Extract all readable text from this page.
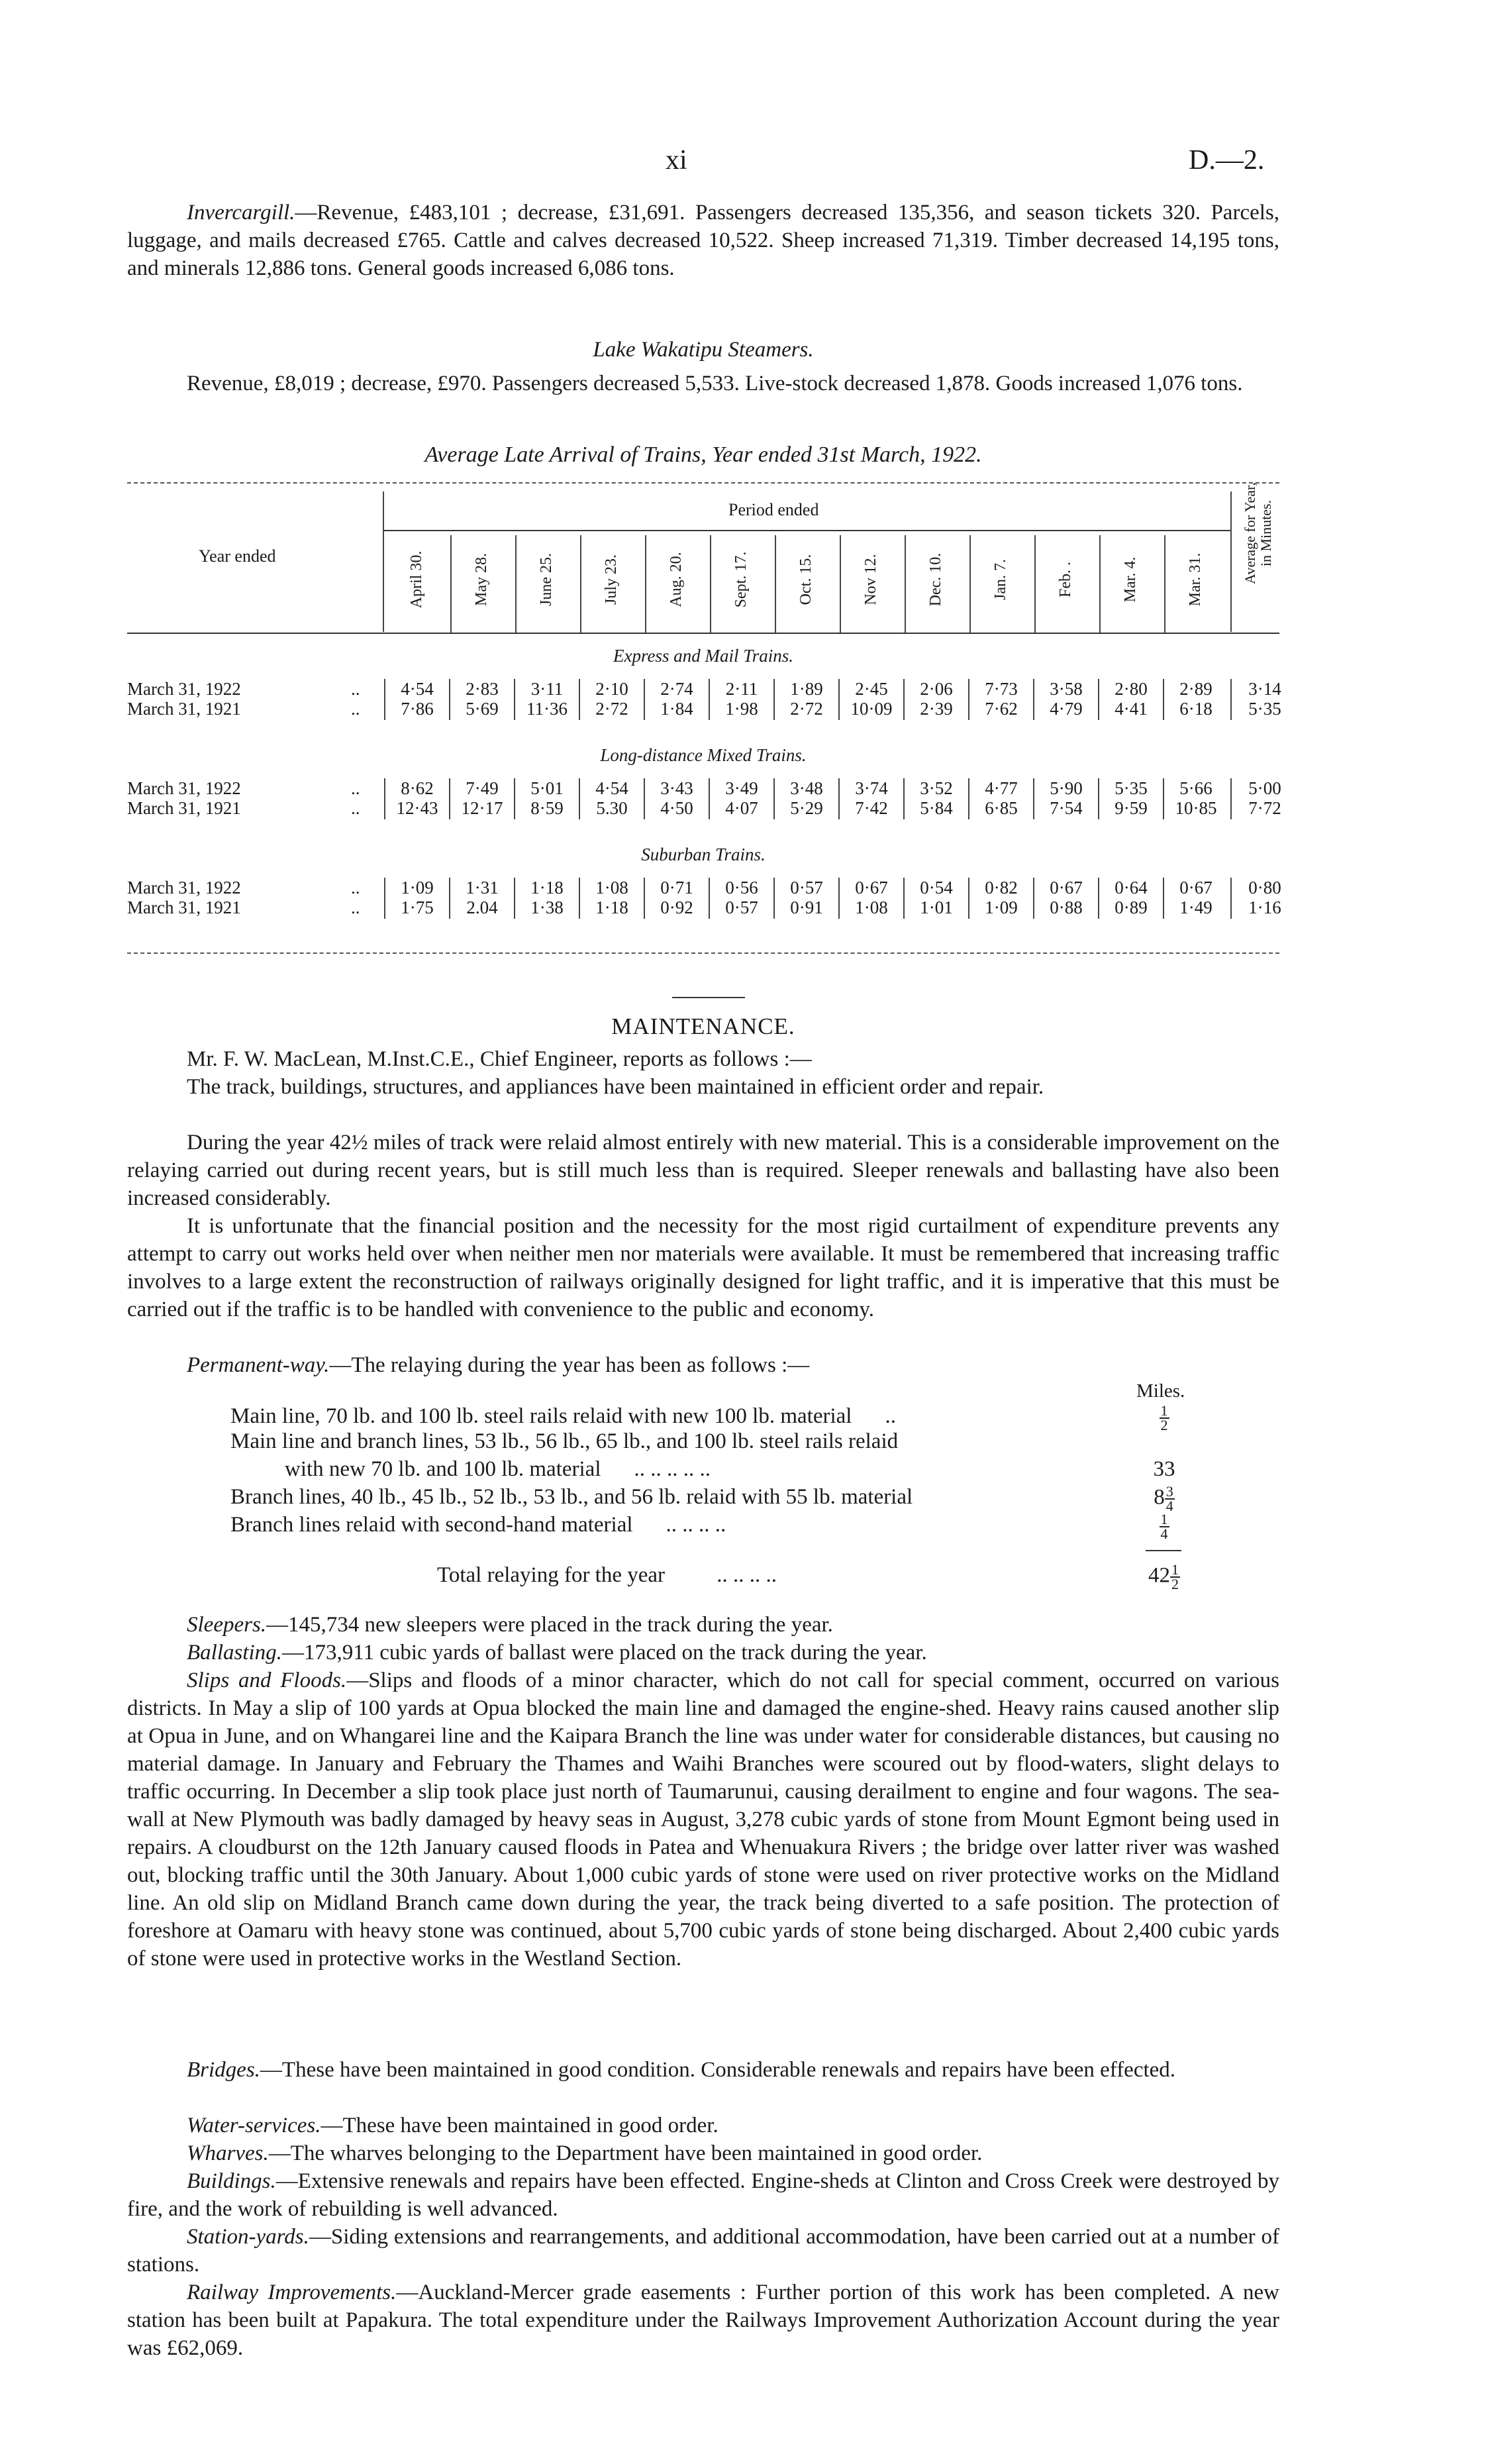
xi	D.—2.
Invercargill.—Revenue, £483,101 ; decrease, £31,691. Passengers decreased 135,356, and season tickets 320. Parcels, luggage, and mails decreased £765. Cattle and calves decreased 10,522. Sheep increased 71,319. Timber decreased 14,195 tons, and minerals 12,886 tons. General goods increased 6,086 tons.
Lake Wakatipu Steamers.
Revenue, £8,019 ; decrease, £970. Passengers decreased 5,533. Live-stock decreased 1,878. Goods increased 1,076 tons.
Average Late Arrival of Trains, Year ended 31st March, 1922.
Year ended
Period ended
April 30.	May 28.	June 25.	July 23.	Aug. 20.	Sept. 17.	Oct. 15.	Nov 12.	Dec. 10.	Jan. 7.	Feb. .	Mar. 4.	Mar. 31.	Average for Year, in Minutes.
Express and Mail Trains.
March 31, 1922	..	4·54	2·83	3·11	2·10	2·74	2·11	1·89	2·45	2·06	7·73	3·58	2·80	2·89	3·14
March 31, 1921	..	7·86	5·69	11·36	2·72	1·84	1·98	2·72	10·09	2·39	7·62	4·79	4·41	6·18	5·35
Long-distance Mixed Trains.
March 31, 1922	..	8·62	7·49	5·01	4·54	3·43	3·49	3·48	3·74	3·52	4·77	5·90	5·35	5·66	5·00
March 31, 1921	..	12·43	12·17	8·59	5.30	4·50	4·07	5·29	7·42	5·84	6·85	7·54	9·59	10·85	7·72
Suburban Trains.
March 31, 1922	..	1·09	1·31	1·18	1·08	0·71	0·56	0·57	0·67	0·54	0·82	0·67	0·64	0·67	0·80
March 31, 1921	..	1·75	2.04	1·38	1·18	0·92	0·57	0·91	1·08	1·01	1·09	0·88	0·89	1·49	1·16
MAINTENANCE.
Mr. F. W. MacLean, M.Inst.C.E., Chief Engineer, reports as follows :—
The track, buildings, structures, and appliances have been maintained in efficient order and repair.
During the year 42½ miles of track were relaid almost entirely with new material. This is a considerable improvement on the relaying carried out during recent years, but is still much less than is required. Sleeper renewals and ballasting have also been increased considerably.
It is unfortunate that the financial position and the necessity for the most rigid curtailment of expenditure prevents any attempt to carry out works held over when neither men nor materials were available. It must be remembered that increasing traffic involves to a large extent the reconstruction of railways originally designed for light traffic, and it is imperative that this must be carried out if the traffic is to be handled with convenience to the public and economy.
Permanent-way.—The relaying during the year has been as follows :—
Miles.
Main line, 70 lb. and 100 lb. steel rails relaid with new 100 lb. material ..	$\frac{1}{2}$
Main line and branch lines, 53 lb., 56 lb., 65 lb., and 100 lb. steel rails relaid
with new 70 lb. and 100 lb. material .. .. .. .. ..	33
Branch lines, 40 lb., 45 lb., 52 lb., 53 lb., and 56 lb. relaid with 55 lb. material	$8 \frac{3}{4}$
Branch lines relaid with second-hand material .. .. .. ..	$\frac{1}{4}$
Total relaying for the year .. .. .. ..	$42 \frac{1}{2}$
Sleepers.—145,734 new sleepers were placed in the track during the year.
Ballasting.—173,911 cubic yards of ballast were placed on the track during the year.
Slips and Floods.—Slips and floods of a minor character, which do not call for special comment, occurred on various districts. In May a slip of 100 yards at Opua blocked the main line and damaged the engine-shed. Heavy rains caused another slip at Opua in June, and on Whangarei line and the Kaipara Branch the line was under water for considerable distances, but causing no material damage. In January and February the Thames and Waihi Branches were scoured out by flood-waters, slight delays to traffic occurring. In December a slip took place just north of Taumarunui, causing derailment to engine and four wagons. The sea-wall at New Plymouth was badly damaged by heavy seas in August, 3,278 cubic yards of stone from Mount Egmont being used in repairs. A cloudburst on the 12th January caused floods in Patea and Whenuakura Rivers ; the bridge over latter river was washed out, blocking traffic until the 30th January. About 1,000 cubic yards of stone were used on river protective works on the Midland line. An old slip on Midland Branch came down during the year, the track being diverted to a safe position. The protection of foreshore at Oamaru with heavy stone was continued, about 5,700 cubic yards of stone being discharged. About 2,400 cubic yards of stone were used in protective works in the Westland Section.
Bridges.—These have been maintained in good condition. Considerable renewals and repairs have been effected.
Water-services.—These have been maintained in good order.
Wharves.—The wharves belonging to the Department have been maintained in good order.
Buildings.—Extensive renewals and repairs have been effected. Engine-sheds at Clinton and Cross Creek were destroyed by fire, and the work of rebuilding is well advanced.
Station-yards.—Siding extensions and rearrangements, and additional accommodation, have been carried out at a number of stations.
Railway Improvements.—Auckland-Mercer grade easements : Further portion of this work has been completed. A new station has been built at Papakura. The total expenditure under the Railways Improvement Authorization Account during the year was £62,069.
